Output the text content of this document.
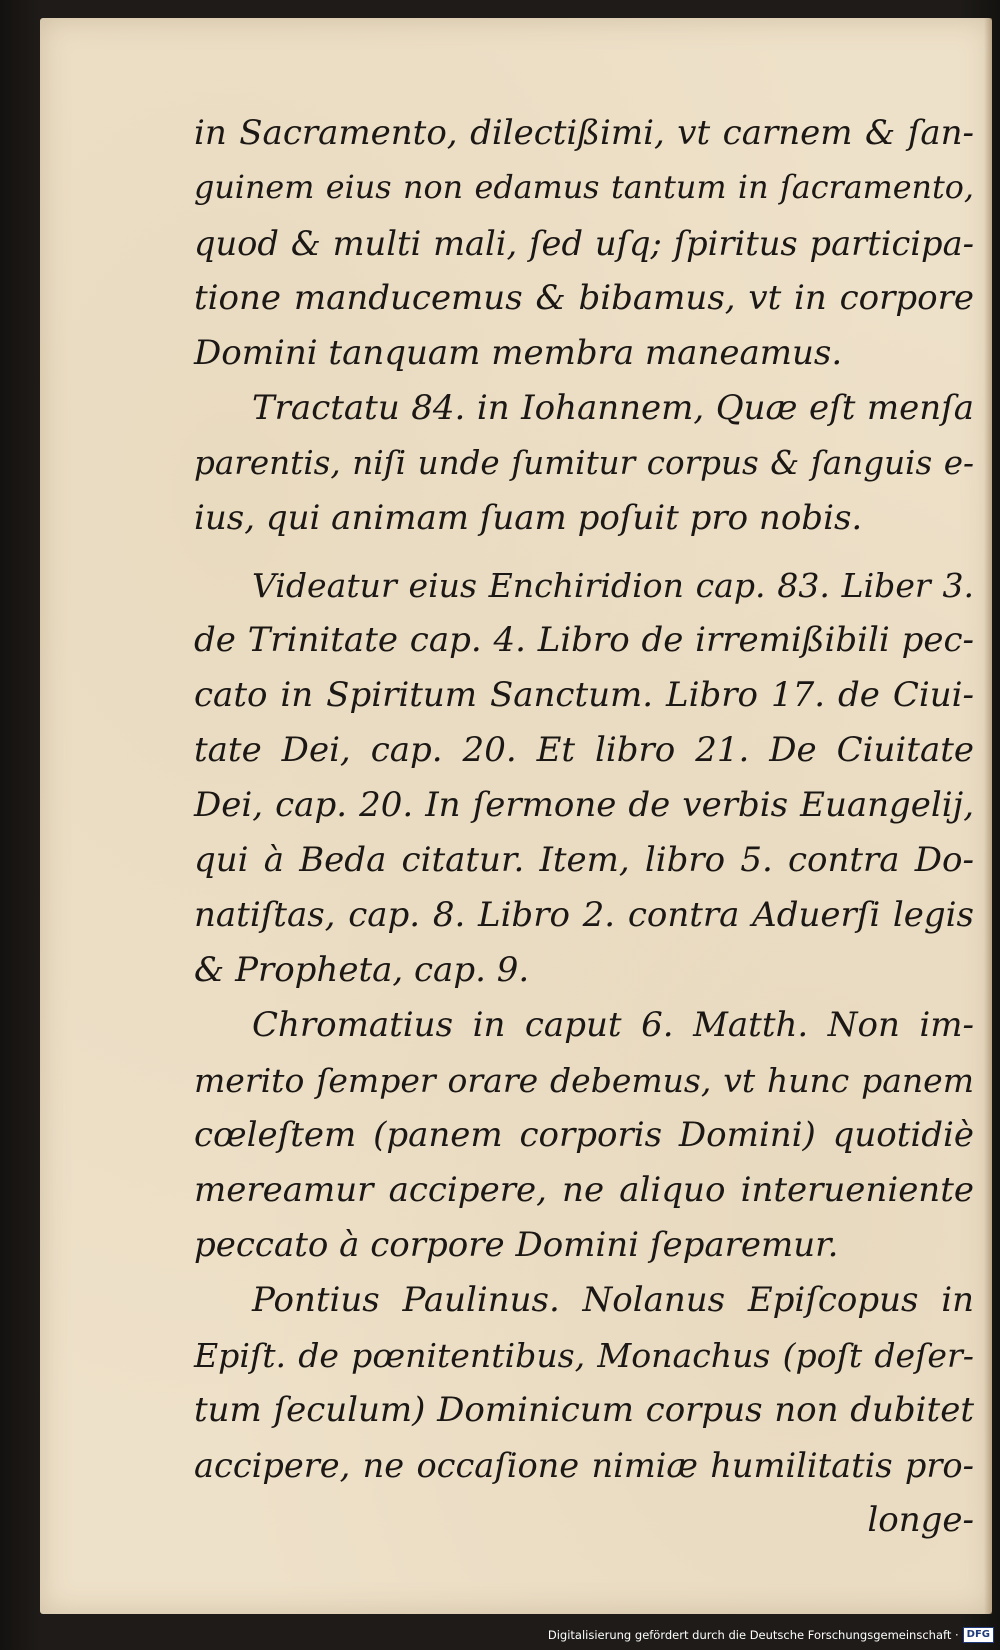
in Sacramento, dilectißimi, vt carnem & ſan-
guinem eius non edamus tantum in ſacramento,
quod & multi mali, ſed uſq; ſpiritus participa-
tione manducemus & bibamus, vt in corpore
Domini tanquam membra maneamus.
Tractatu 84. in Iohannem, Quæ eſt menſa
parentis, niſi unde ſumitur corpus & ſanguis e-
ius, qui animam ſuam poſuit pro nobis.
Videatur eius Enchiridion cap. 83. Liber 3.
de Trinitate cap. 4. Libro de irremißibili pec-
cato in Spiritum Sanctum. Libro 17. de Ciui-
tate Dei, cap. 20. Et libro 21. De Ciuitate
Dei, cap. 20. In ſermone de verbis Euangelij,
qui à Beda citatur. Item, libro 5. contra Do-
natiſtas, cap. 8. Libro 2. contra Aduerſi legis
& Propheta, cap. 9.
Chromatius in caput 6. Matth. Non im-
merito ſemper orare debemus, vt hunc panem
cœleſtem (panem corporis Domini) quotidiè
mereamur accipere, ne aliquo interueniente
peccato à corpore Domini ſeparemur.
Pontius Paulinus. Nolanus Epiſcopus in
Epiſt. de pœnitentibus, Monachus (poſt deſer-
tum ſeculum) Dominicum corpus non dubitet
accipere, ne occaſione nimiæ humilitatis pro-
longe-
Digitalisierung gefördert durch die Deutsche Forschungsgemeinschaft · DFG
